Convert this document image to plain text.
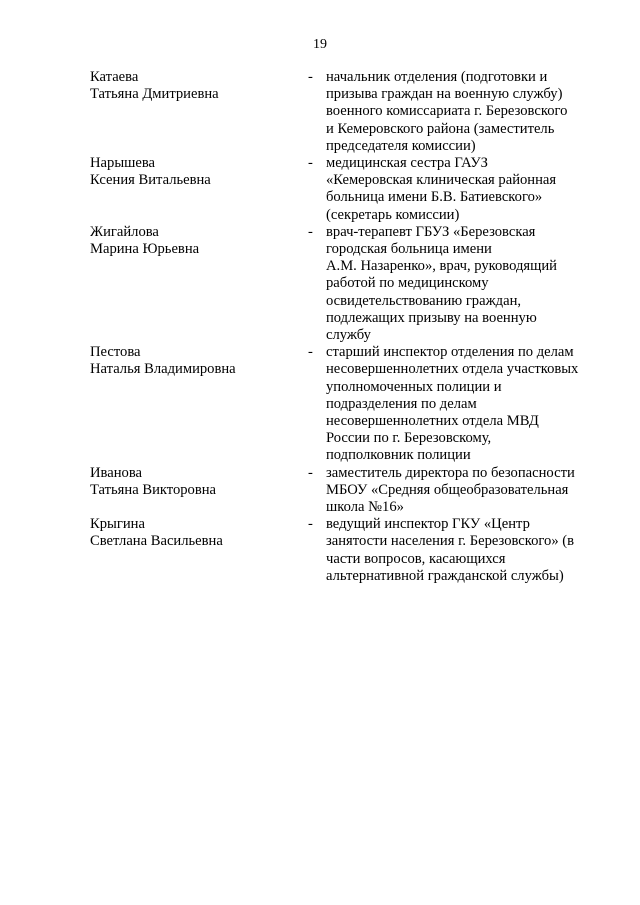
19
Катаева
Татьяна Дмитриевна
- начальник отделения (подготовки и
призыва граждан на военную службу)
военного комиссариата г. Березовского
и Кемеровского района (заместитель
председателя комиссии)
Нарышева
Ксения Витальевна
- медицинская сестра ГАУЗ
«Кемеровская клиническая районная
больница имени Б.В. Батиевского»
(секретарь комиссии)
Жигайлова
Марина Юрьевна
- врач-терапевт ГБУЗ «Березовская
городская больница имени
А.М. Назаренко», врач, руководящий
работой по медицинскому
освидетельствованию граждан,
подлежащих призыву на военную
службу
Пестова
Наталья Владимировна
- старший инспектор отделения по делам
несовершеннолетних отдела участковых
уполномоченных полиции и
подразделения по делам
несовершеннолетних отдела МВД
России по г. Березовскому,
подполковник полиции
Иванова
Татьяна Викторовна
- заместитель директора по безопасности
МБОУ «Средняя общеобразовательная
школа №16»
Крыгина
Светлана Васильевна
- ведущий инспектор ГКУ «Центр
занятости населения г. Березовского» (в
части вопросов, касающихся
альтернативной гражданской службы)
